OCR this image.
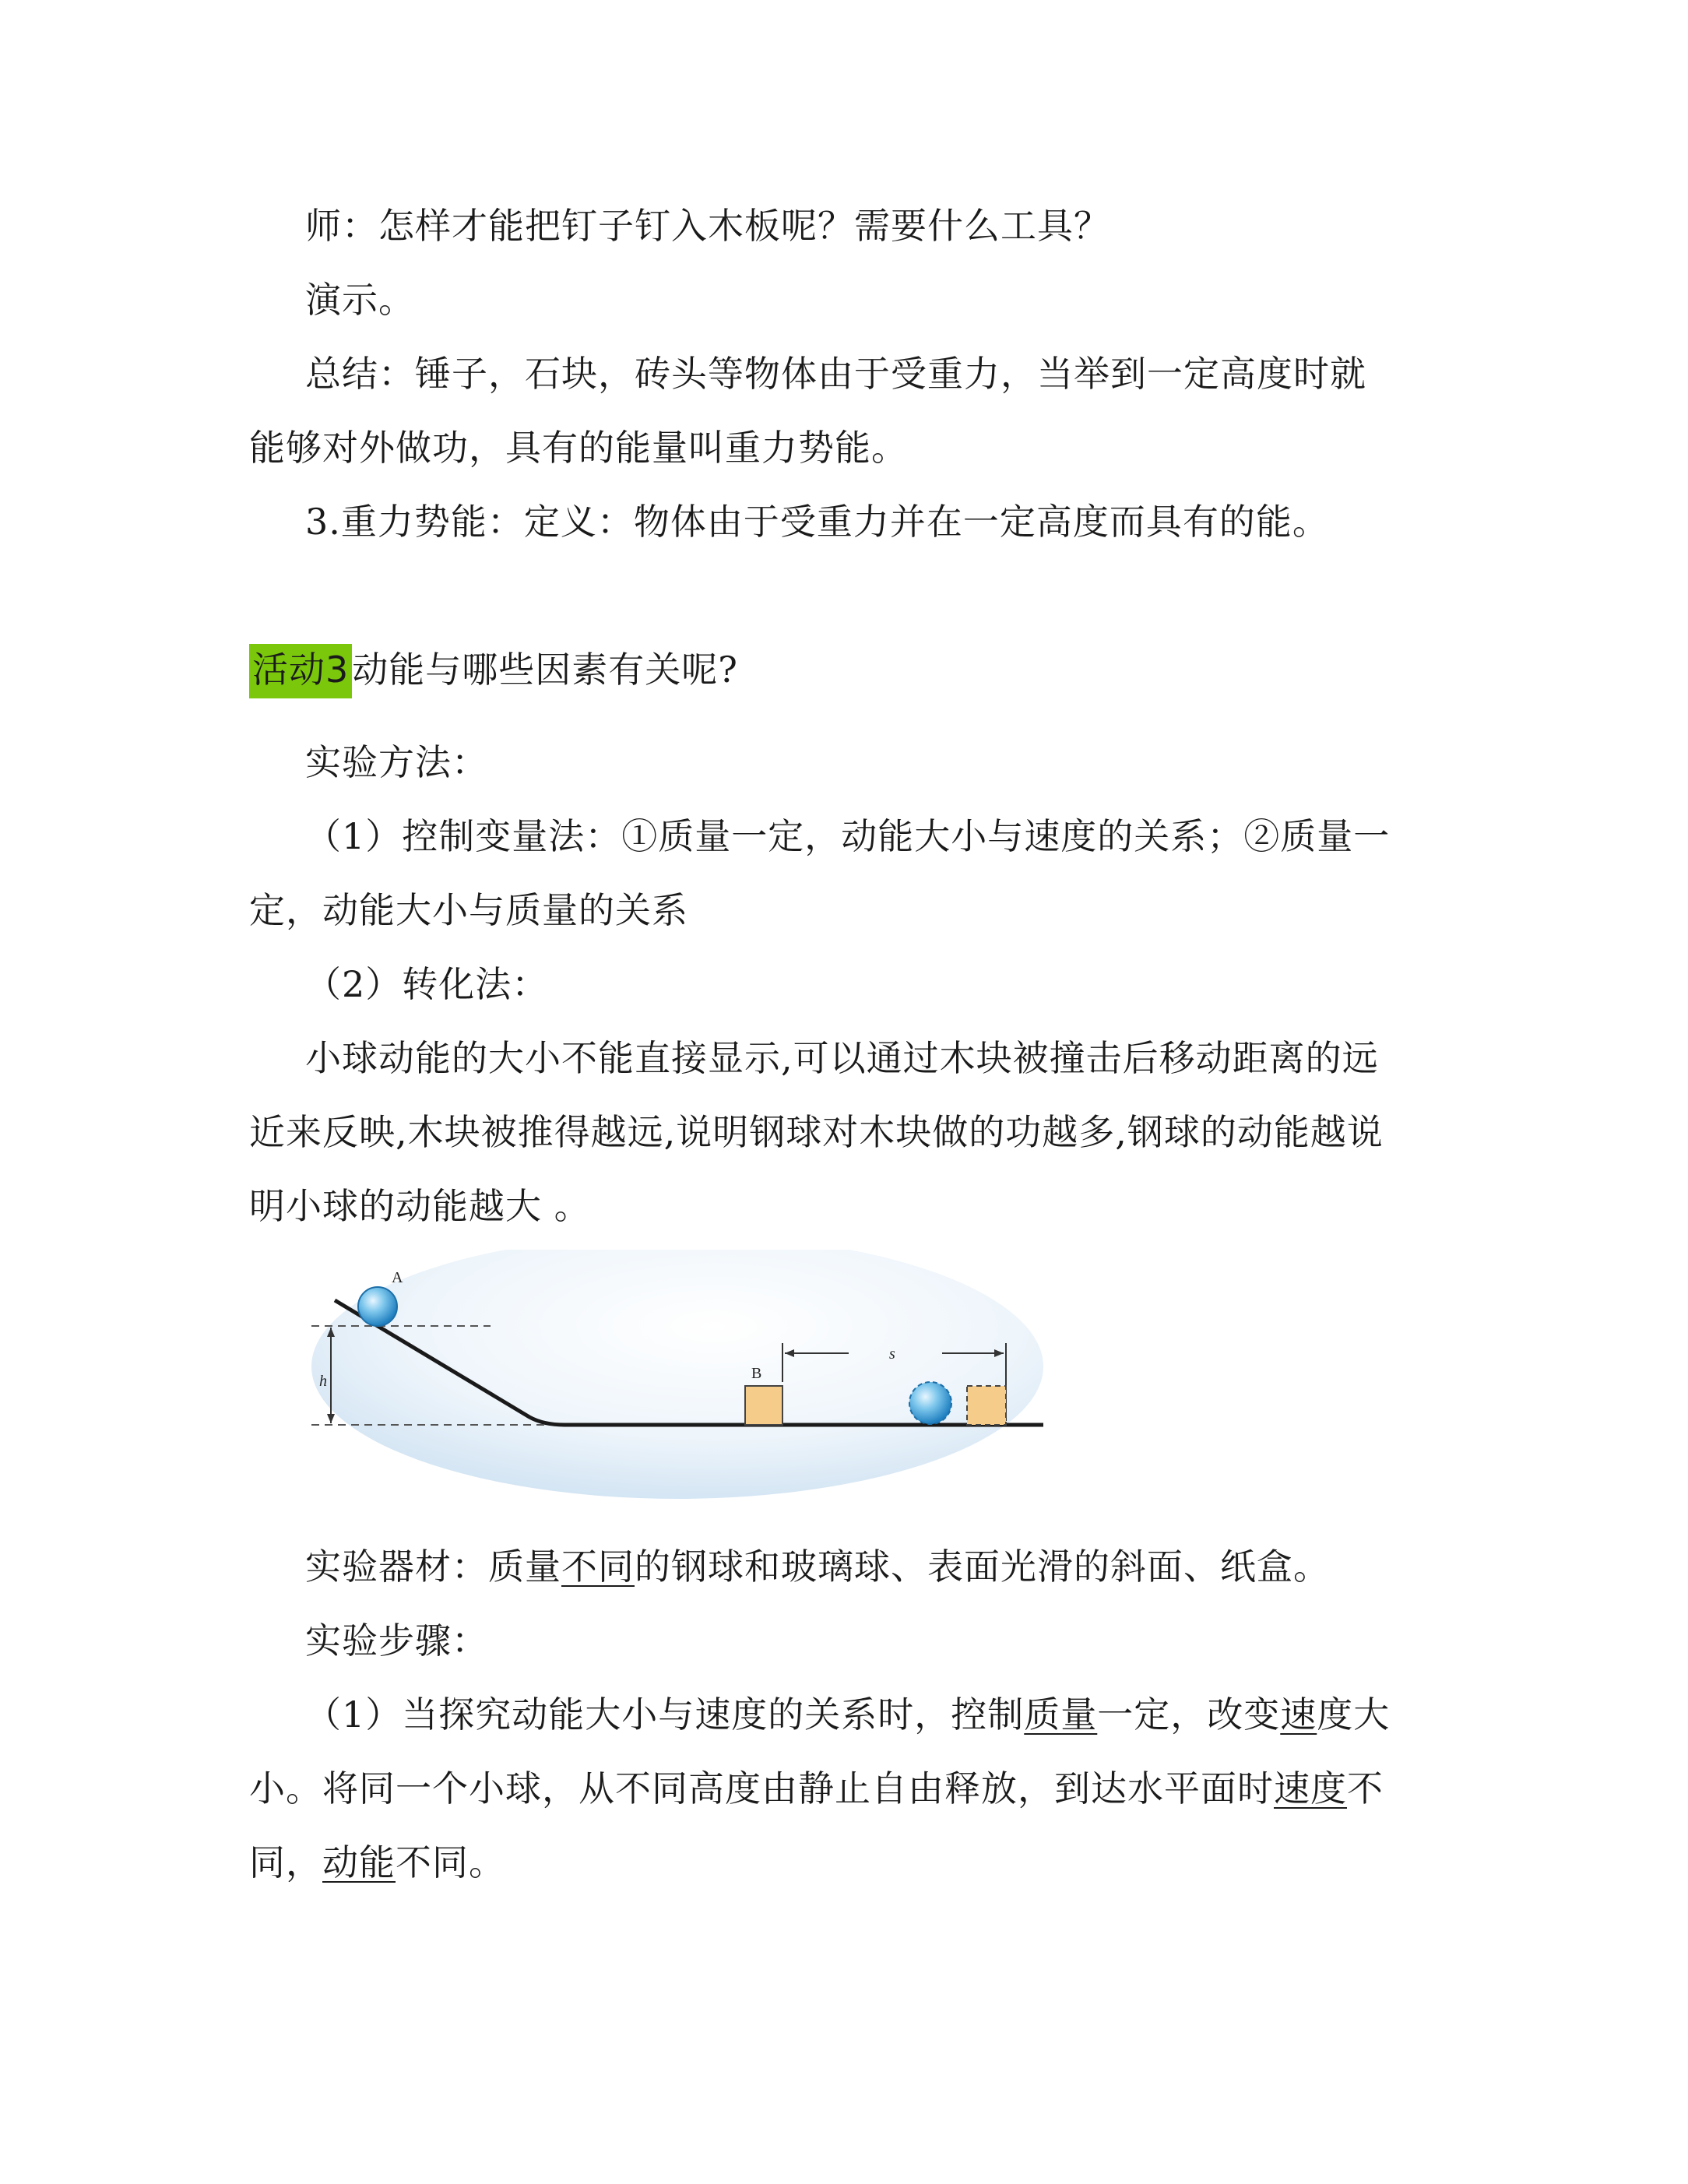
师：怎样才能把钉子钉入木板呢？需要什么工具？
演示。
总结：锤子，石块，砖头等物体由于受重力，当举到一定高度时就
能够对外做功，具有的能量叫重力势能。
3.重力势能：定义：物体由于受重力并在一定高度而具有的能。
活动3动能与哪些因素有关呢?
实验方法：
（1）控制变量法：①质量一定，动能大小与速度的关系；②质量一
定，动能大小与质量的关系
（2）转化法：
小球动能的大小不能直接显示,可以通过木块被撞击后移动距离的远
近来反映,木块被推得越远,说明钢球对木块做的功越多,钢球的动能越说
明小球的动能越大 。
h
A
B
s
实验器材：质量不同的钢球和玻璃球、表面光滑的斜面、纸盒。
实验步骤：
（1）当探究动能大小与速度的关系时，控制质量一定，改变速度大
小。将同一个小球，从不同高度由静止自由释放，到达水平面时速度不
同，动能不同。
